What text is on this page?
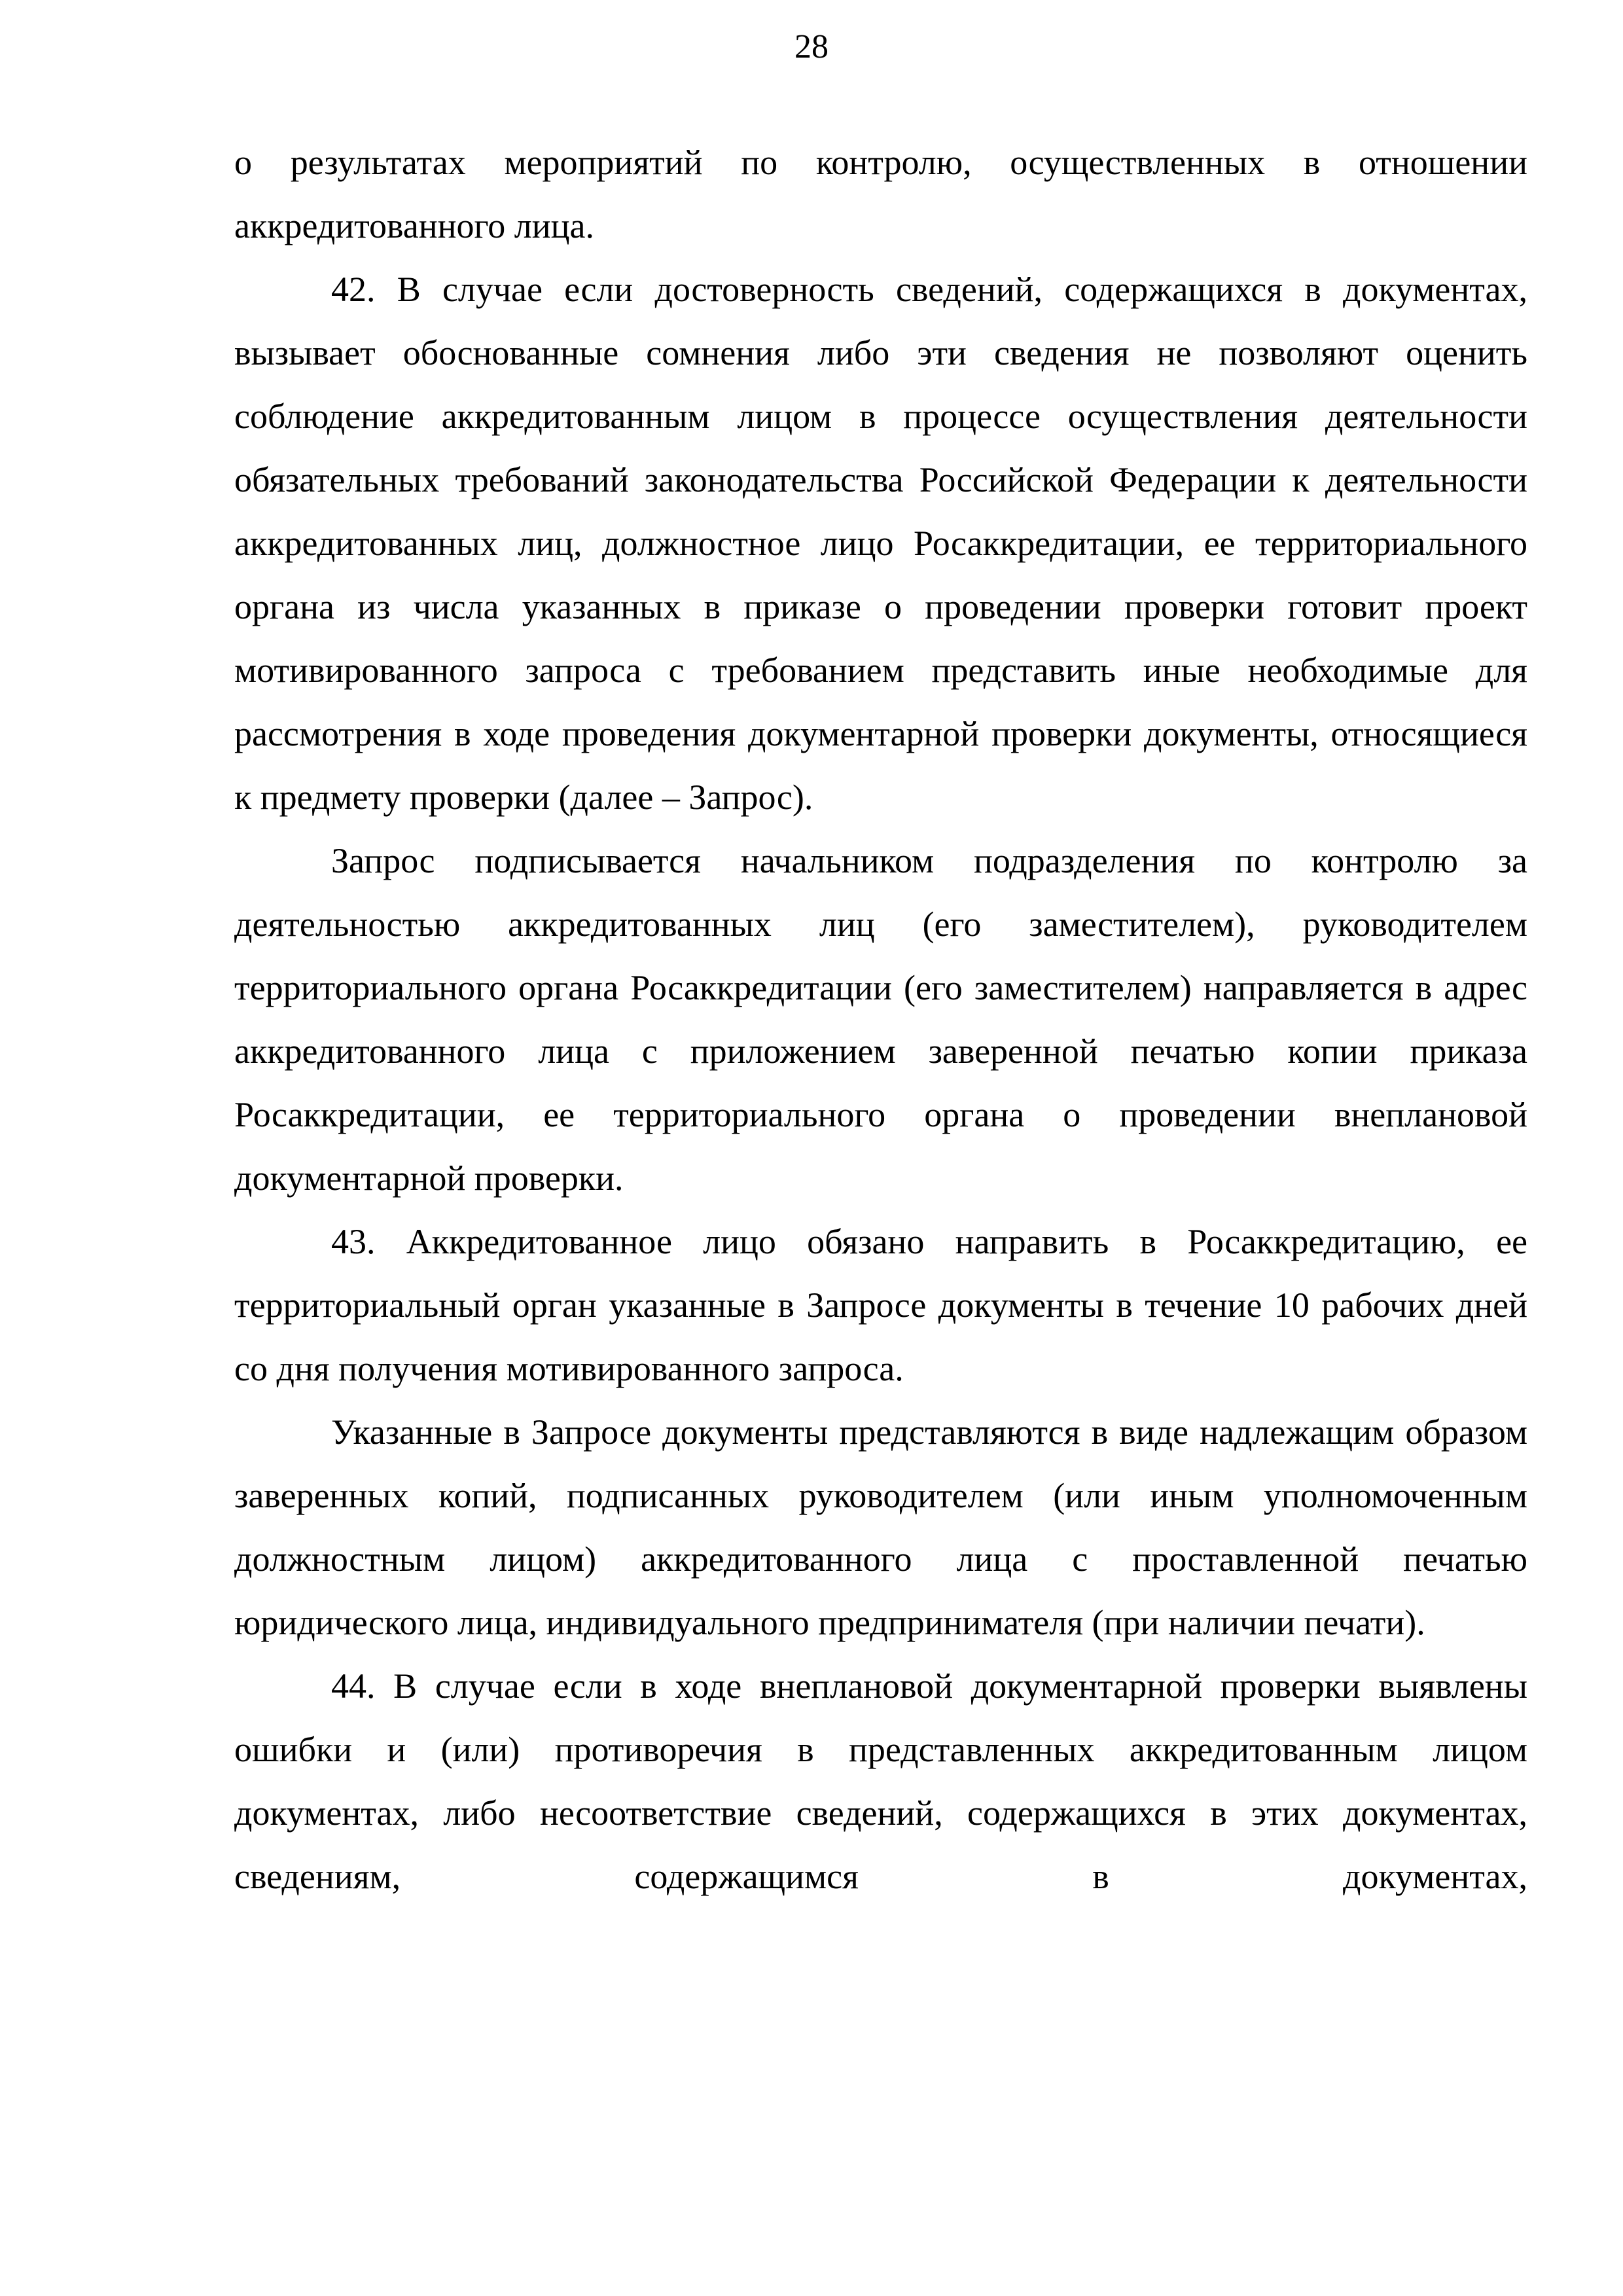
28

о результатах мероприятий по контролю, осуществленных в отношении аккредитованного лица.

42. В случае если достоверность сведений, содержащихся в документах, вызывает обоснованные сомнения либо эти сведения не позволяют оценить соблюдение аккредитованным лицом в процессе осуществления деятельности обязательных требований законодательства Российской Федерации к деятельности аккредитованных лиц, должностное лицо Росаккредитации, ее территориального органа из числа указанных в приказе о проведении проверки готовит проект мотивированного запроса с требованием представить иные необходимые для рассмотрения в ходе проведения документарной проверки документы, относящиеся к предмету проверки (далее – Запрос).

Запрос подписывается начальником подразделения по контролю за деятельностью аккредитованных лиц (его заместителем), руководителем территориального органа Росаккредитации (его заместителем) направляется в адрес аккредитованного лица с приложением заверенной печатью копии приказа Росаккредитации, ее территориального органа о проведении внеплановой документарной проверки.

43. Аккредитованное лицо обязано направить в Росаккредитацию, ее территориальный орган указанные в Запросе документы в течение 10 рабочих дней со дня получения мотивированного запроса.

Указанные в Запросе документы представляются в виде надлежащим образом заверенных копий, подписанных руководителем (или иным уполномоченным должностным лицом) аккредитованного лица с проставленной печатью юридического лица, индивидуального предпринимателя (при наличии печати).

44. В случае если в ходе внеплановой документарной проверки выявлены ошибки и (или) противоречия в представленных аккредитованным лицом документах, либо несоответствие сведений, содержащихся в этих документах, сведениям, содержащимся в документах,
